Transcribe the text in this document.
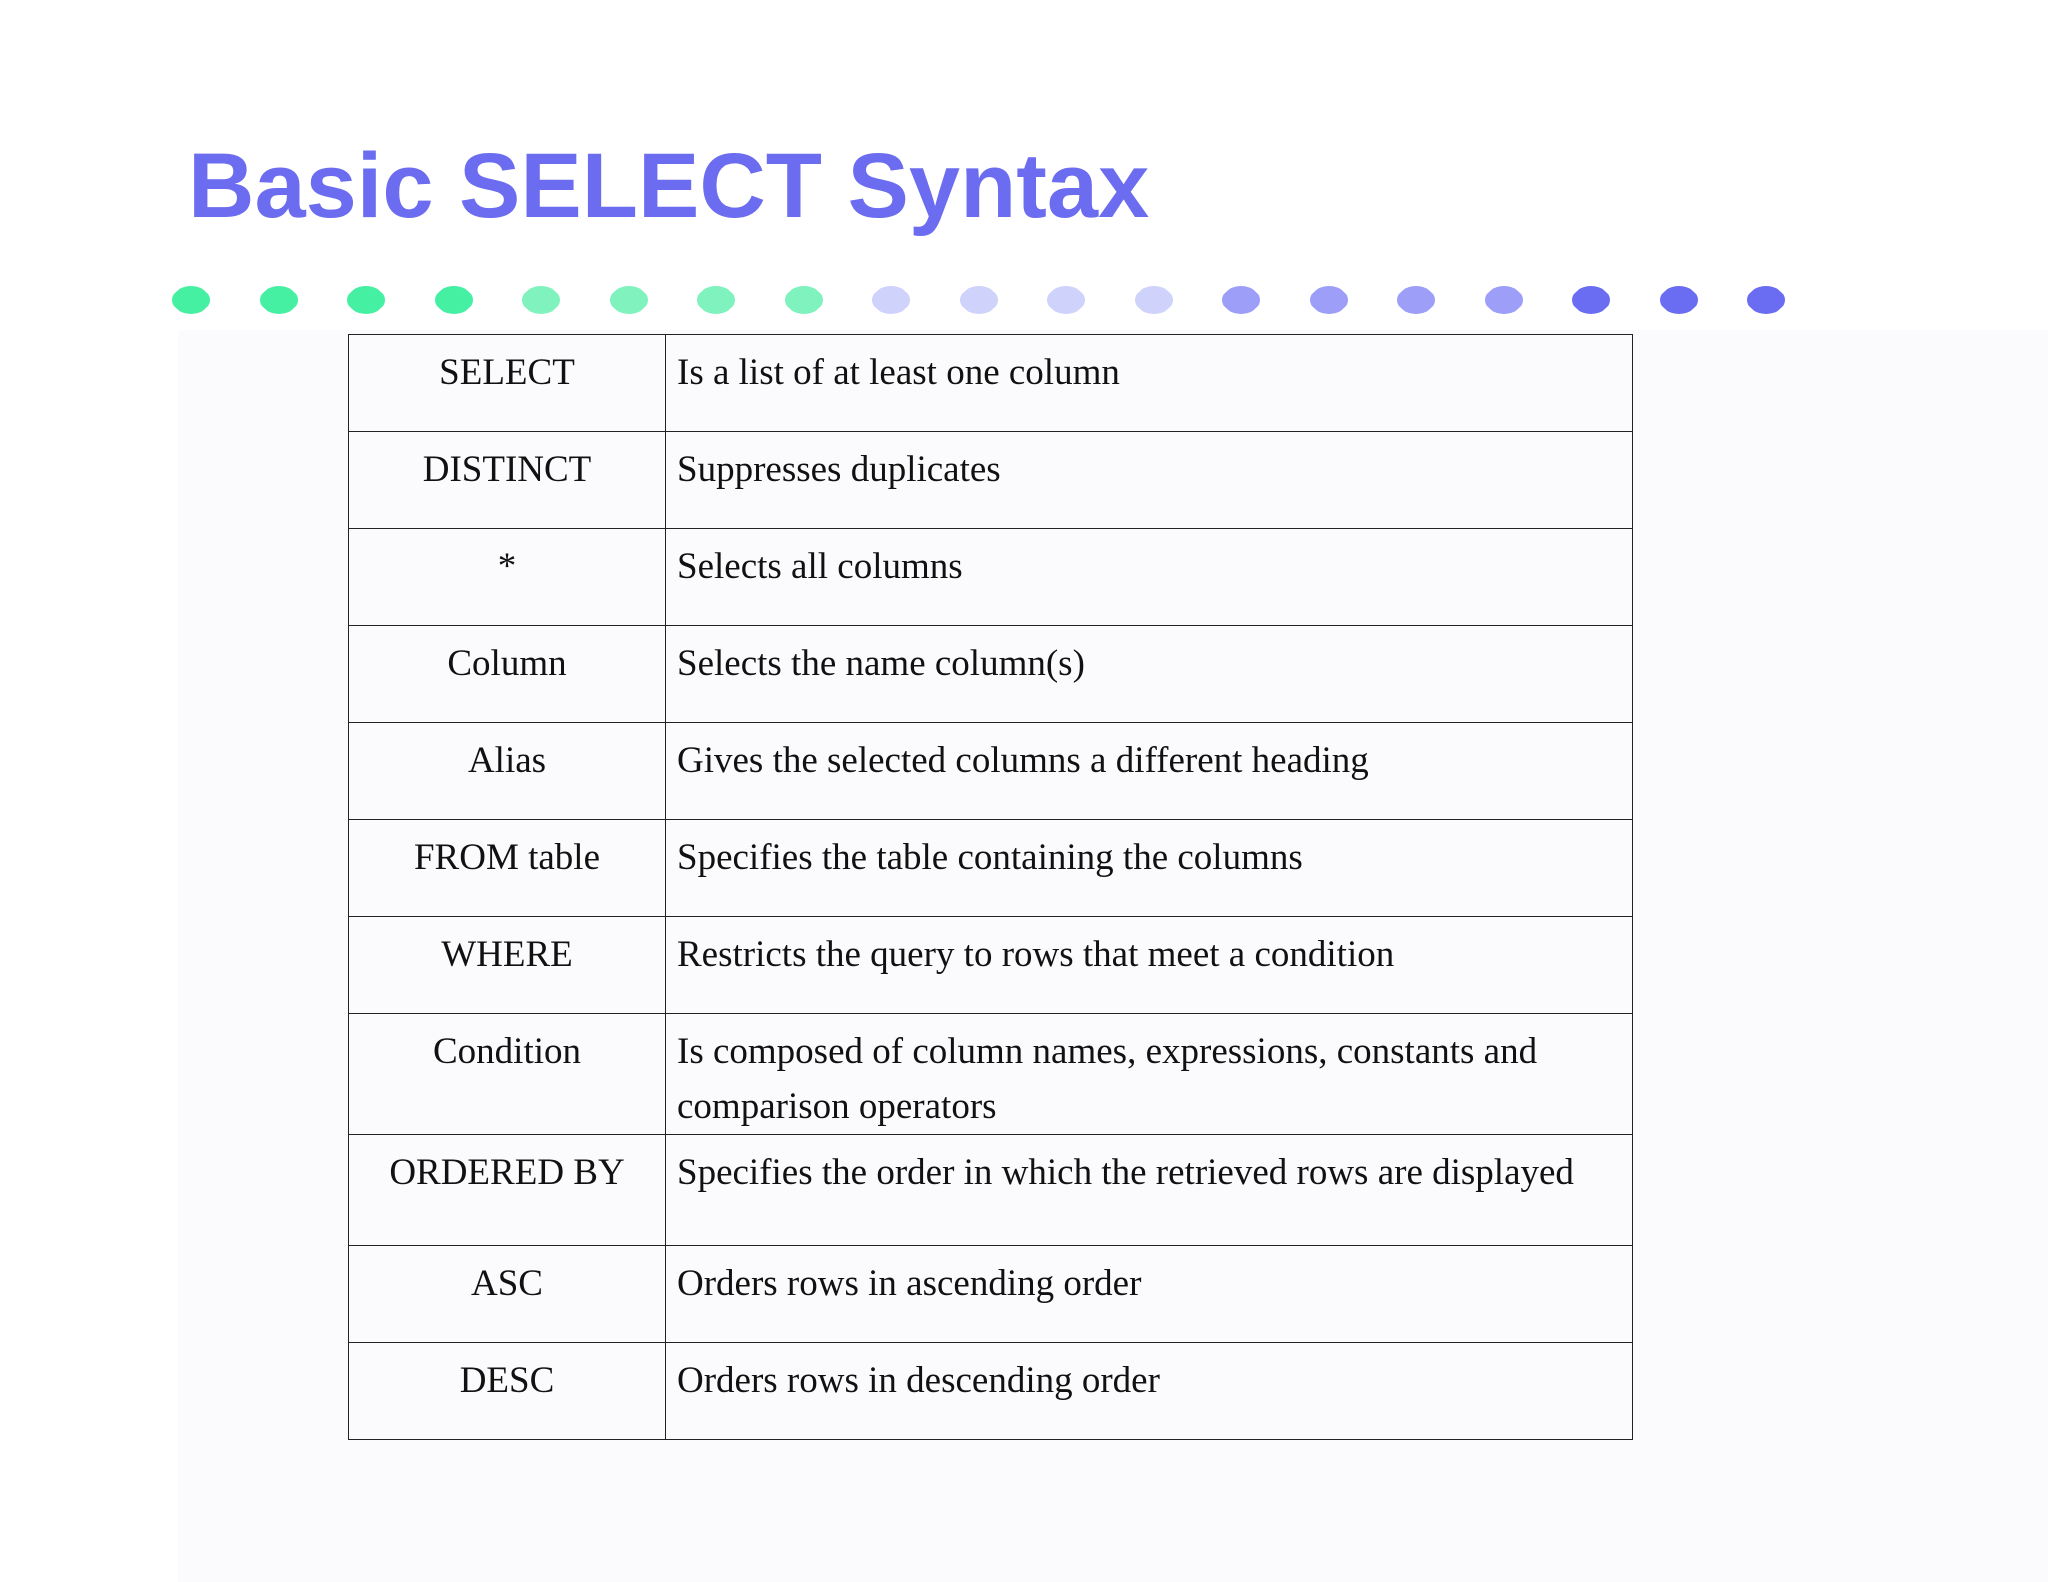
Basic SELECT Syntax
SELECT	Is a list of at least one column
DISTINCT	Suppresses duplicates
*	Selects all columns
Column	Selects the name column(s)
Alias	Gives the selected columns a different heading
FROM table	Specifies the table containing the columns
WHERE	Restricts the query to rows that meet a condition
Condition	Is composed of column names, expressions, constants and comparison operators
ORDERED BY	Specifies the order in which the retrieved rows are displayed
ASC	Orders rows in ascending order
DESC	Orders rows in descending order
